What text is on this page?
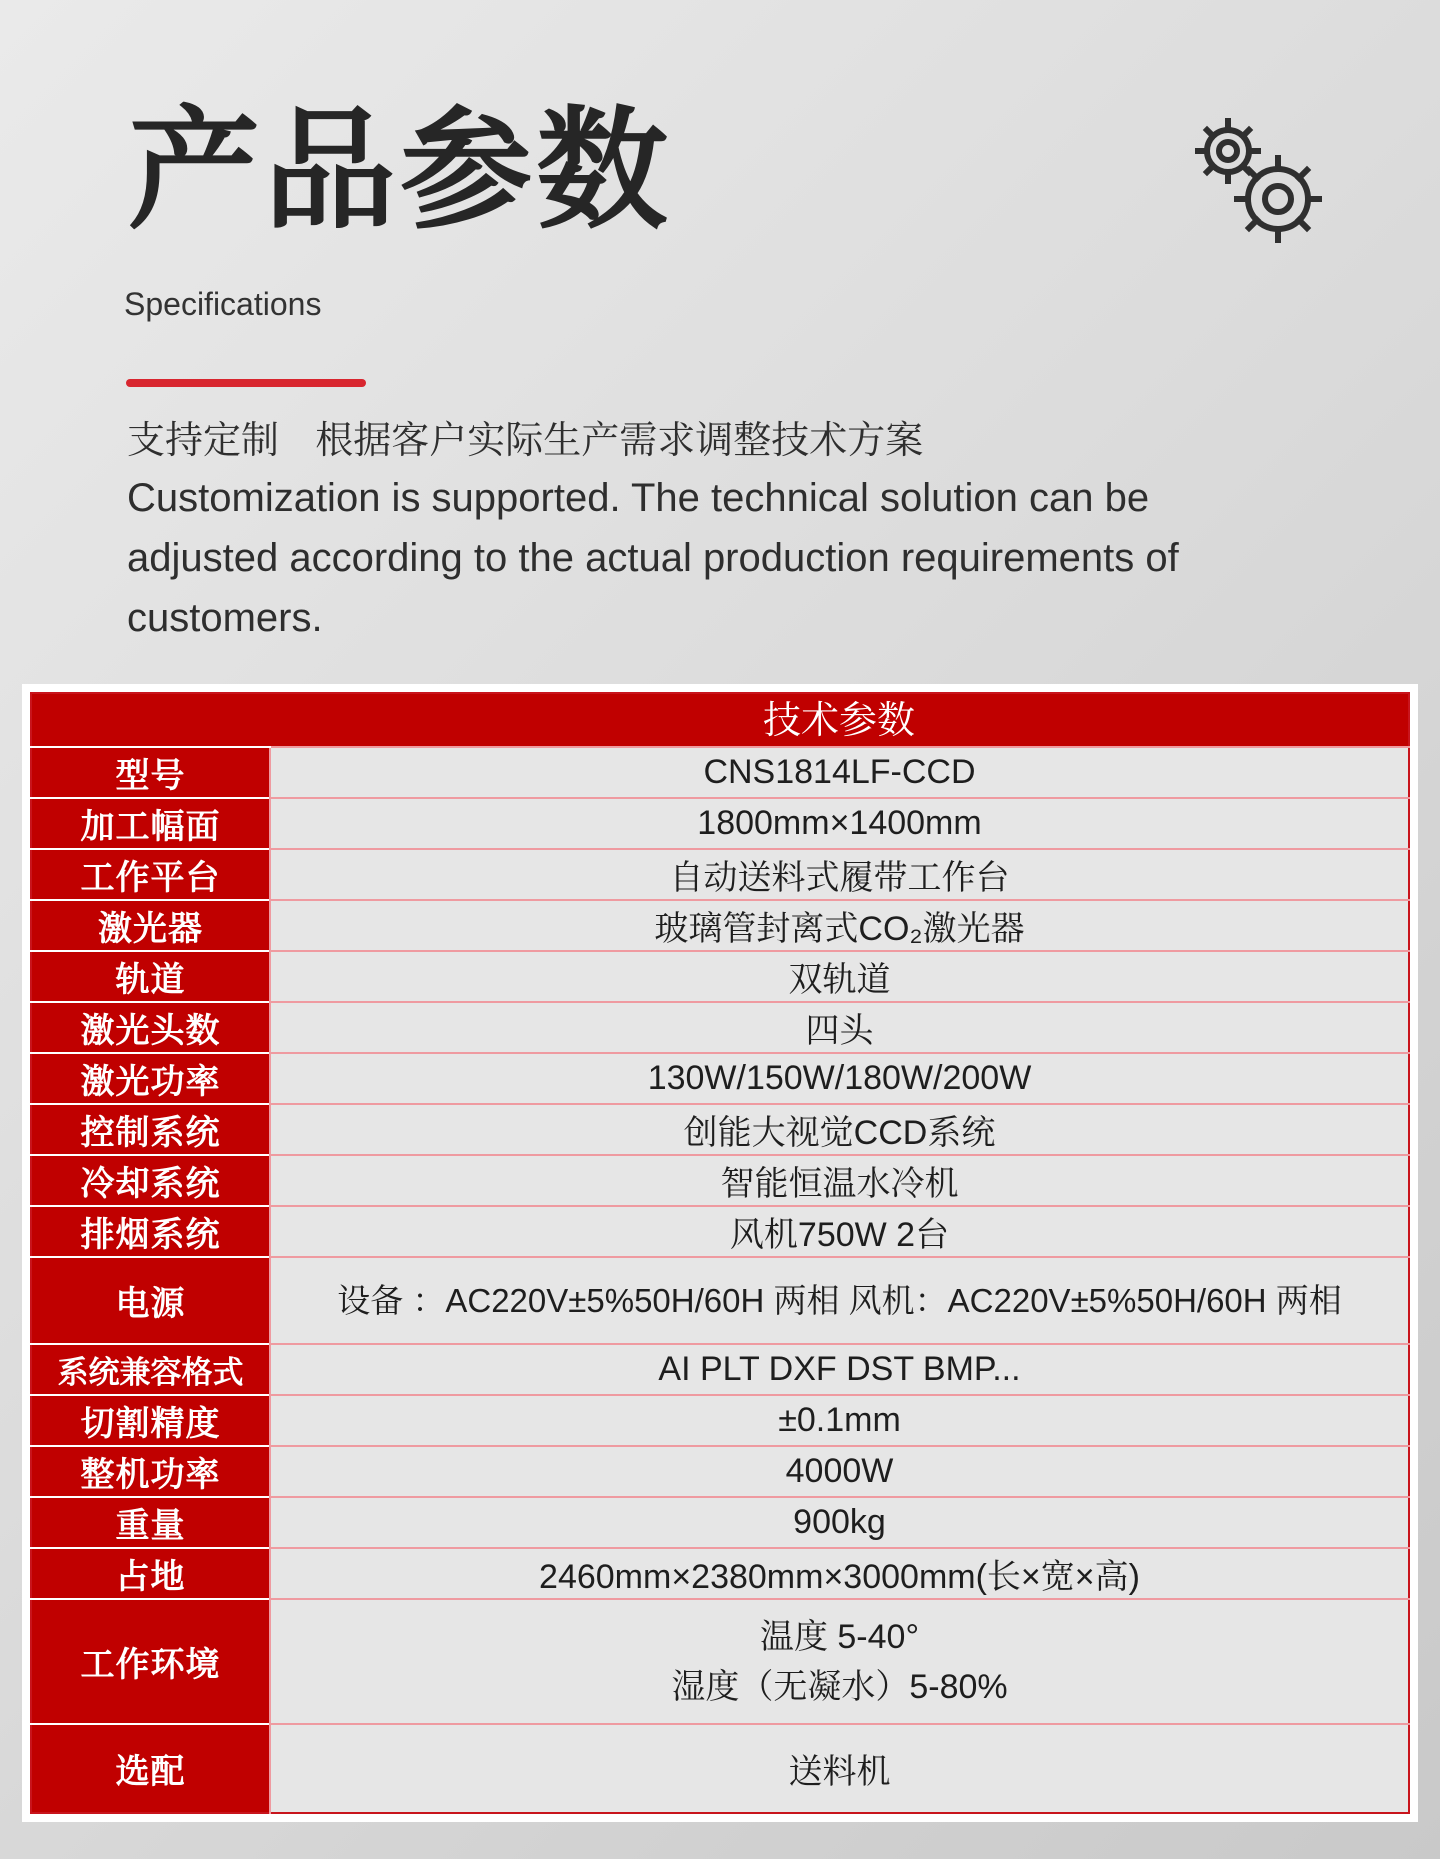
产品参数
Specifications
支持定制   根据客户实际生产需求调整技术方案
Customization is supported. The technical solution can be adjusted according to the actual production requirements of customers.
	技术参数
型号	CNS1814LF-CCD
加工幅面	1800mm×1400mm
工作平台	自动送料式履带工作台
激光器	玻璃管封离式CO₂激光器
轨道	双轨道
激光头数	四头
激光功率	130W/150W/180W/200W
控制系统	创能大视觉CCD系统
冷却系统	智能恒温水冷机
排烟系统	风机750W 2台
电源	设备 ：AC220V±5%50H/60H 两相 风机：AC220V±5%50H/60H 两相
系统兼容格式	AI PLT DXF DST BMP...
切割精度	±0.1mm
整机功率	4000W
重量	900kg
占地	2460mm×2380mm×3000mm(长×宽×高)
工作环境	温度 5-40°
湿度（无凝水）5-80%

选配	送料机
